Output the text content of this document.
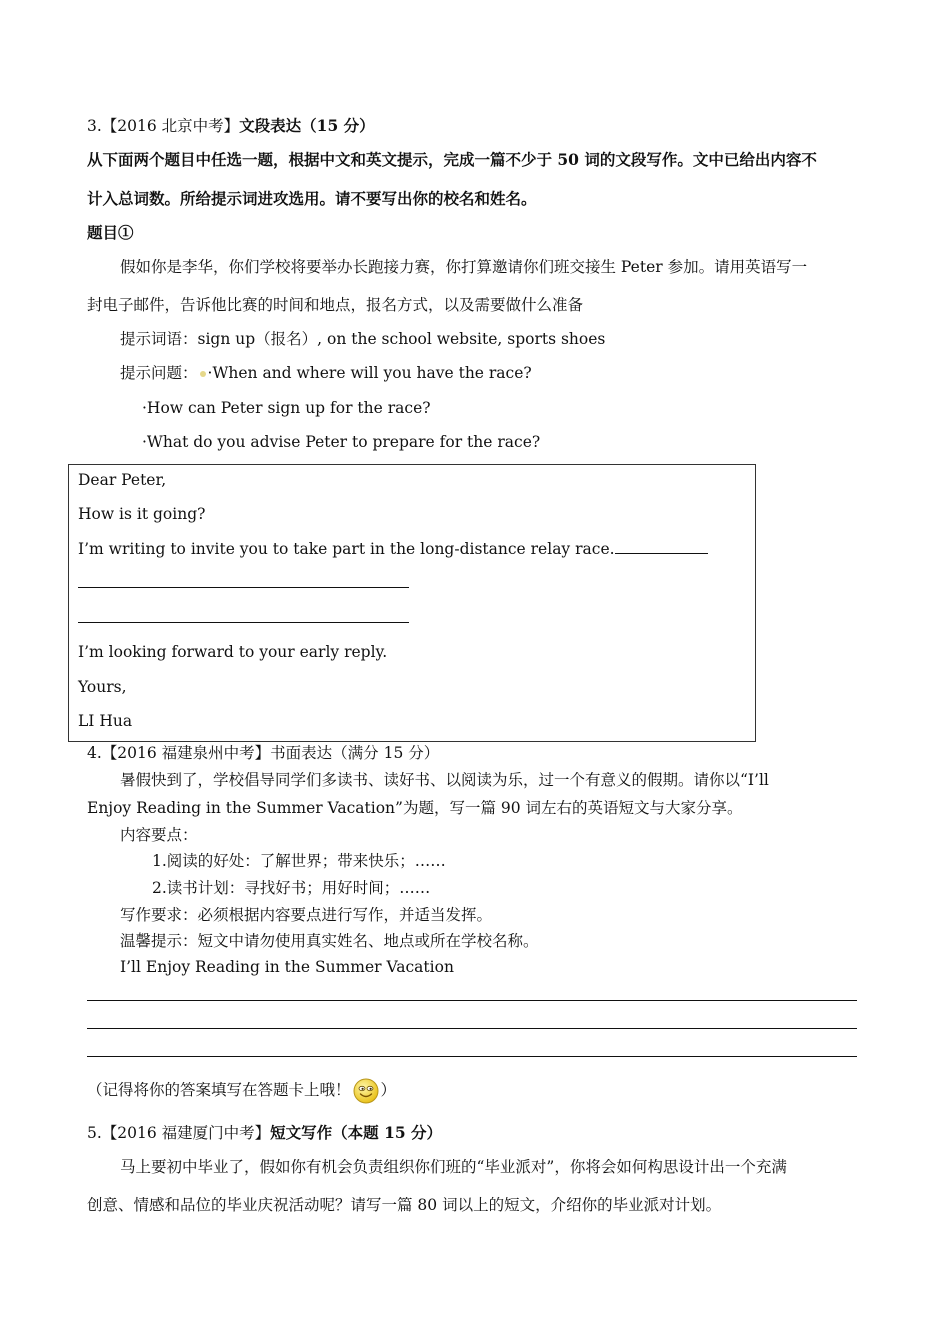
3.【2016 北京中考】文段表达（15 分）
从下面两个题目中任选一题，根据中文和英文提示，完成一篇不少于 50 词的文段写作。文中已给出内容不
计入总词数。所给提示词进攻选用。请不要写出你的校名和姓名。
题目①
假如你是李华，你们学校将要举办长跑接力赛，你打算邀请你们班交接生 Peter 参加。请用英语写一
封电子邮件，告诉他比赛的时间和地点，报名方式，以及需要做什么准备
提示词语：sign up（报名）, on the school website, sports shoes
提示问题： ·When and where will you have the race?
·How can Peter sign up for the race?
·What do you advise Peter to prepare for the race?
Dear Peter,
How is it going?
I’m writing to invite you to take part in the long-distance relay race.
I’m looking forward to your early reply.
Yours,
LI Hua
4.【2016 福建泉州中考】书面表达（满分 15 分）
暑假快到了，学校倡导同学们多读书、读好书、以阅读为乐，过一个有意义的假期。请你以“I’ll
Enjoy Reading in the Summer Vacation”为题，写一篇 90 词左右的英语短文与大家分享。
内容要点：
1.阅读的好处：了解世界；带来快乐；……
2.读书计划：寻找好书；用好时间；……
写作要求：必须根据内容要点进行写作，并适当发挥。
温馨提示：短文中请勿使用真实姓名、地点或所在学校名称。
I’ll Enjoy Reading in the Summer Vacation
（记得将你的答案填写在答题卡上哦！ ）
5.【2016 福建厦门中考】短文写作（本题 15 分）
马上要初中毕业了，假如你有机会负责组织你们班的“毕业派对”，你将会如何构思设计出一个充满
创意、情感和品位的毕业庆祝活动呢？请写一篇 80 词以上的短文，介绍你的毕业派对计划。
